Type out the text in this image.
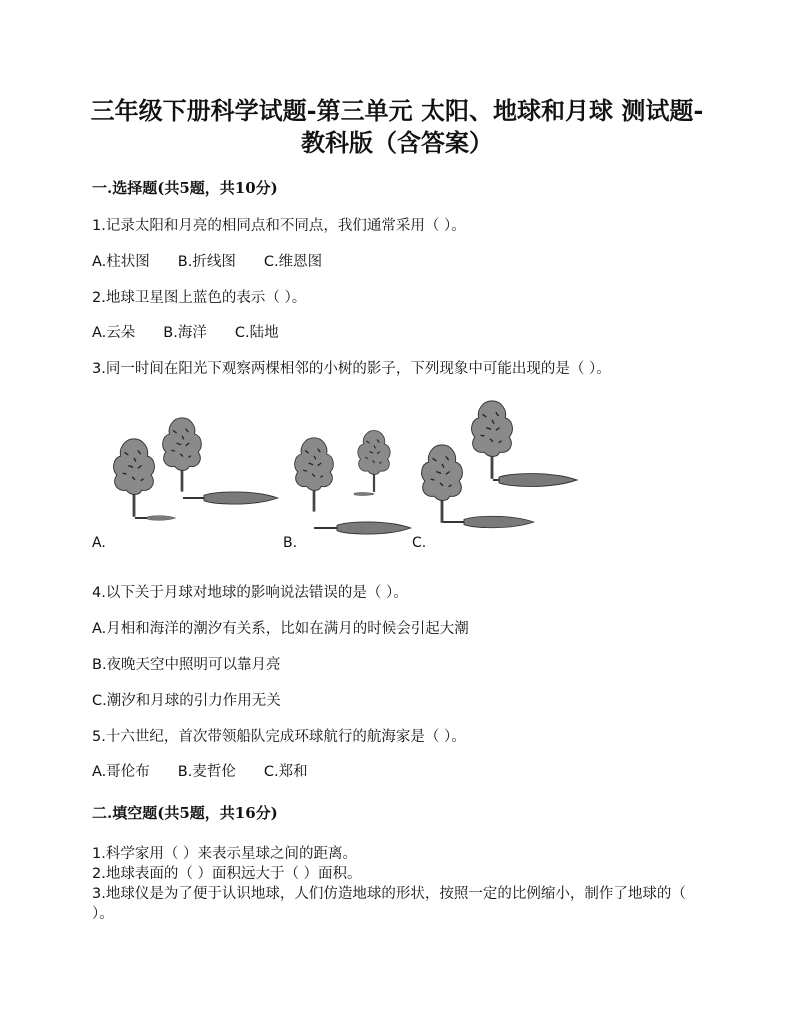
三年级下册科学试题-第三单元 太阳、地球和月球 测试题-
教科版（含答案）
一.选择题(共5题，共10分)
1.记录太阳和月亮的相同点和不同点，我们通常采用（ ）。
A.柱状图 B.折线图 C.维恩图
2.地球卫星图上蓝色的表示（ ）。
A.云朵 B.海洋 C.陆地
3.同一时间在阳光下观察两棵相邻的小树的影子，下列现象中可能出现的是（ ）。
A.	B.	C.
4.以下关于月球对地球的影响说法错误的是（ ）。
A.月相和海洋的潮汐有关系，比如在满月的时候会引起大潮
B.夜晚天空中照明可以靠月亮
C.潮汐和月球的引力作用无关
5.十六世纪，首次带领船队完成环球航行的航海家是（ ）。
A.哥伦布 B.麦哲伦 C.郑和
二.填空题(共5题，共16分)
1.科学家用（ ）来表示星球之间的距离。
2.地球表面的（ ）面积远大于（ ）面积。
3.地球仪是为了便于认识地球，人们仿造地球的形状，按照一定的比例缩小，制作了地球的（ ）。
